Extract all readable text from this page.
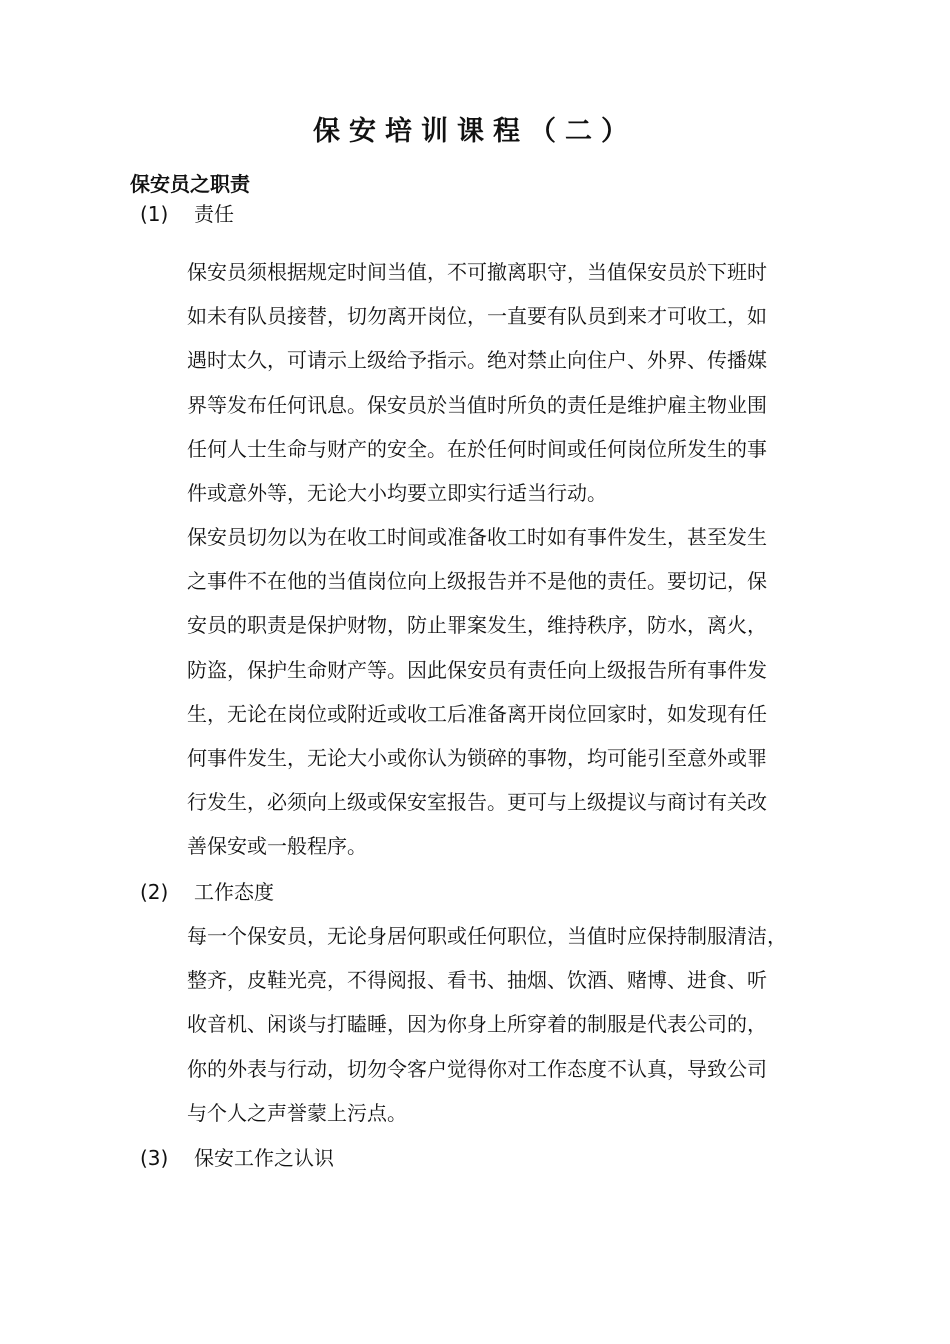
保安培训课程（二）
保安员之职责
(1) 责任
保安员须根据规定时间当值，不可撤离职守，当值保安员於下班时
如未有队员接替，切勿离开岗位，一直要有队员到来才可收工，如
遇时太久，可请示上级给予指示。绝对禁止向住户、外界、传播媒
界等发布任何讯息。保安员於当值时所负的责任是维护雇主物业围
任何人士生命与财产的安全。在於任何时间或任何岗位所发生的事
件或意外等，无论大小均要立即实行适当行动。
保安员切勿以为在收工时间或准备收工时如有事件发生，甚至发生
之事件不在他的当值岗位向上级报告并不是他的责任。要切记，保
安员的职责是保护财物，防止罪案发生，维持秩序，防水，离火，
防盗，保护生命财产等。因此保安员有责任向上级报告所有事件发
生，无论在岗位或附近或收工后准备离开岗位回家时，如发现有任
何事件发生，无论大小或你认为锁碎的事物，均可能引至意外或罪
行发生，必须向上级或保安室报告。更可与上级提议与商讨有关改
善保安或一般程序。
(2) 工作态度
每一个保安员，无论身居何职或任何职位，当值时应保持制服清洁，
整齐，皮鞋光亮，不得阅报、看书、抽烟、饮酒、赌博、进食、听
收音机、闲谈与打瞌睡，因为你身上所穿着的制服是代表公司的，
你的外表与行动，切勿令客户觉得你对工作态度不认真，导致公司
与个人之声誉蒙上污点。
(3) 保安工作之认识
